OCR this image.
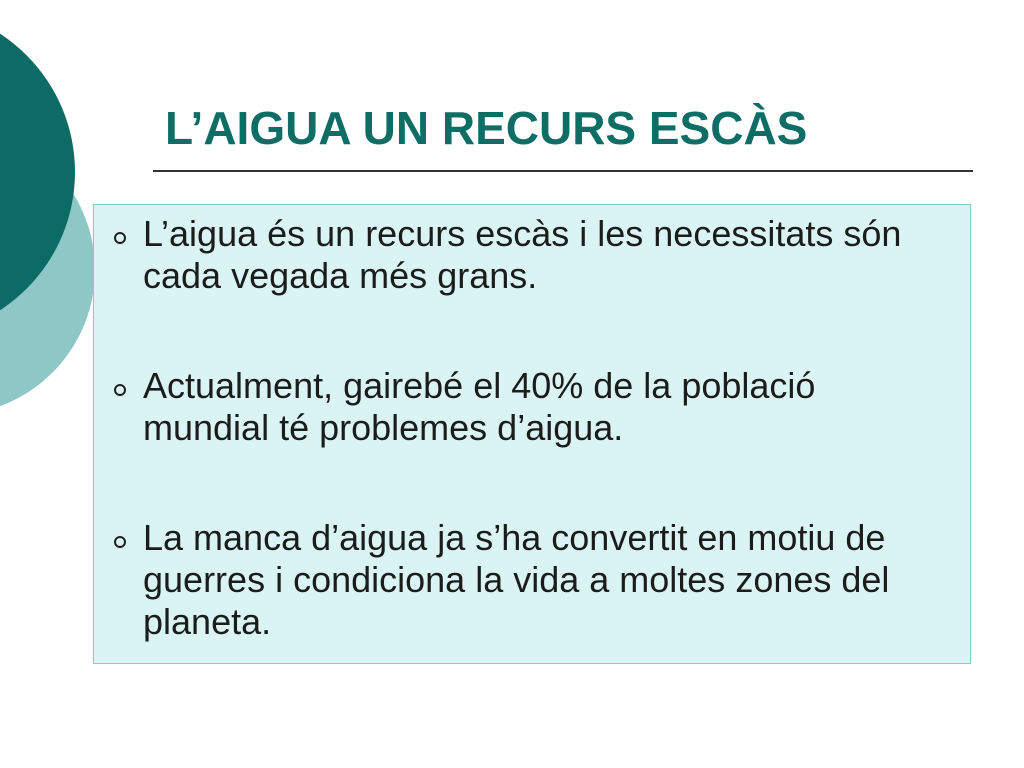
L’AIGUA UN RECURS ESCÀS
L’aigua és un recurs escàs i les necessitats són cada vegada més grans.
Actualment, gairebé el 40% de la població mundial té problemes d’aigua.
La manca d’aigua ja s’ha convertit en motiu de guerres i condiciona la vida a moltes zones del planeta.
